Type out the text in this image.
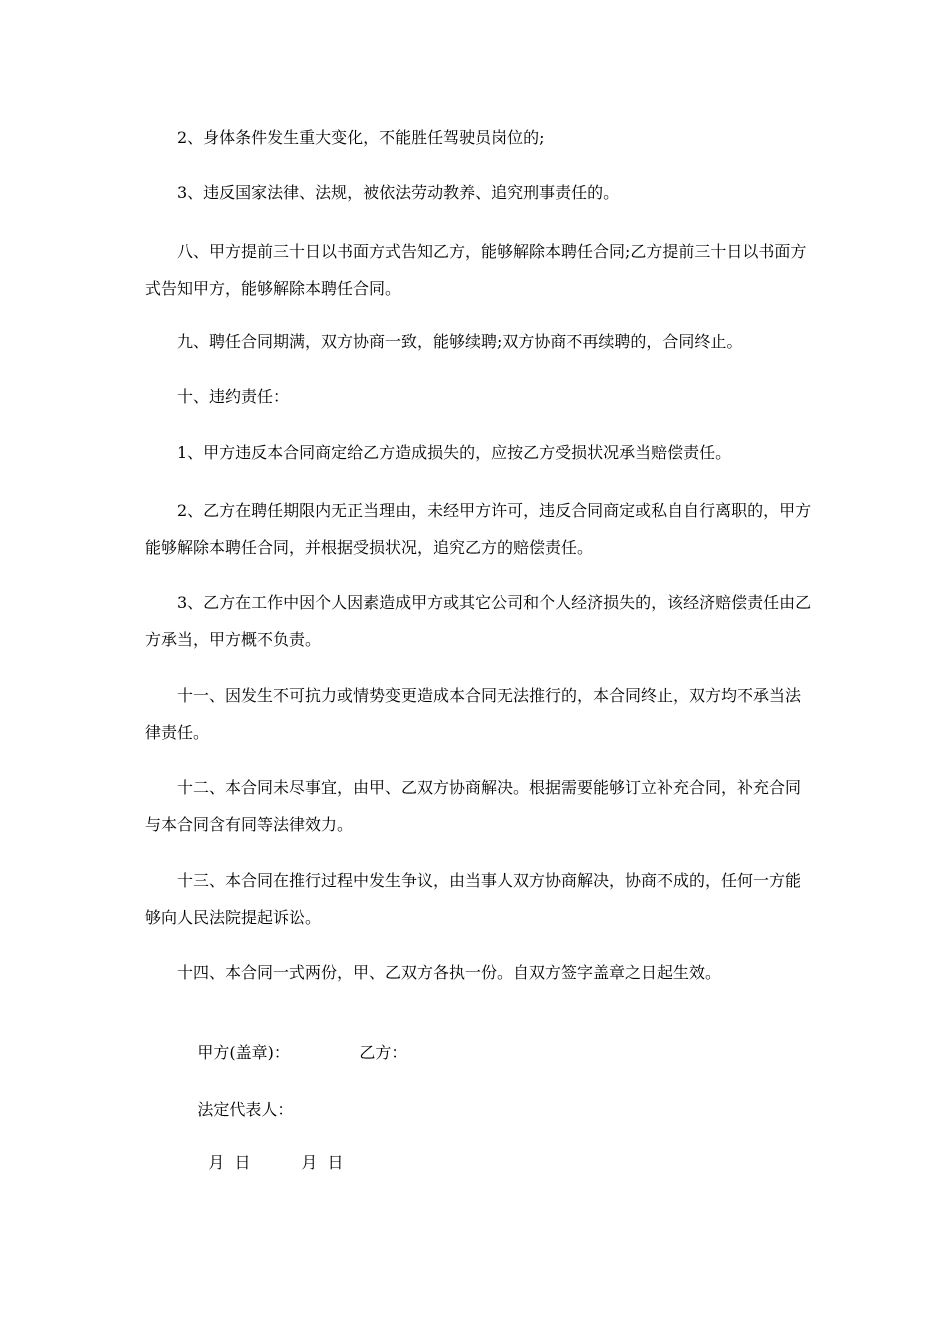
2、身体条件发生重大变化，不能胜任驾驶员岗位的;

3、违反国家法律、法规，被依法劳动教养、追究刑事责任的。

八、甲方提前三十日以书面方式告知乙方，能够解除本聘任合同;乙方提前三十日以书面方式告知甲方，能够解除本聘任合同。

九、聘任合同期满，双方协商一致，能够续聘;双方协商不再续聘的，合同终止。

十、违约责任：

1、甲方违反本合同商定给乙方造成损失的，应按乙方受损状况承当赔偿责任。

2、乙方在聘任期限内无正当理由，未经甲方许可，违反合同商定或私自自行离职的，甲方能够解除本聘任合同，并根据受损状况，追究乙方的赔偿责任。

3、乙方在工作中因个人因素造成甲方或其它公司和个人经济损失的，该经济赔偿责任由乙方承当，甲方概不负责。

十一、因发生不可抗力或情势变更造成本合同无法推行的，本合同终止，双方均不承当法律责任。

十二、本合同未尽事宜，由甲、乙双方协商解决。根据需要能够订立补充合同，补充合同与本合同含有同等法律效力。

十三、本合同在推行过程中发生争议，由当事人双方协商解决，协商不成的，任何一方能够向人民法院提起诉讼。

十四、本合同一式两份，甲、乙双方各执一份。自双方签字盖章之日起生效。

甲方(盖章)：	乙方：

法定代表人：

月  日	月  日
